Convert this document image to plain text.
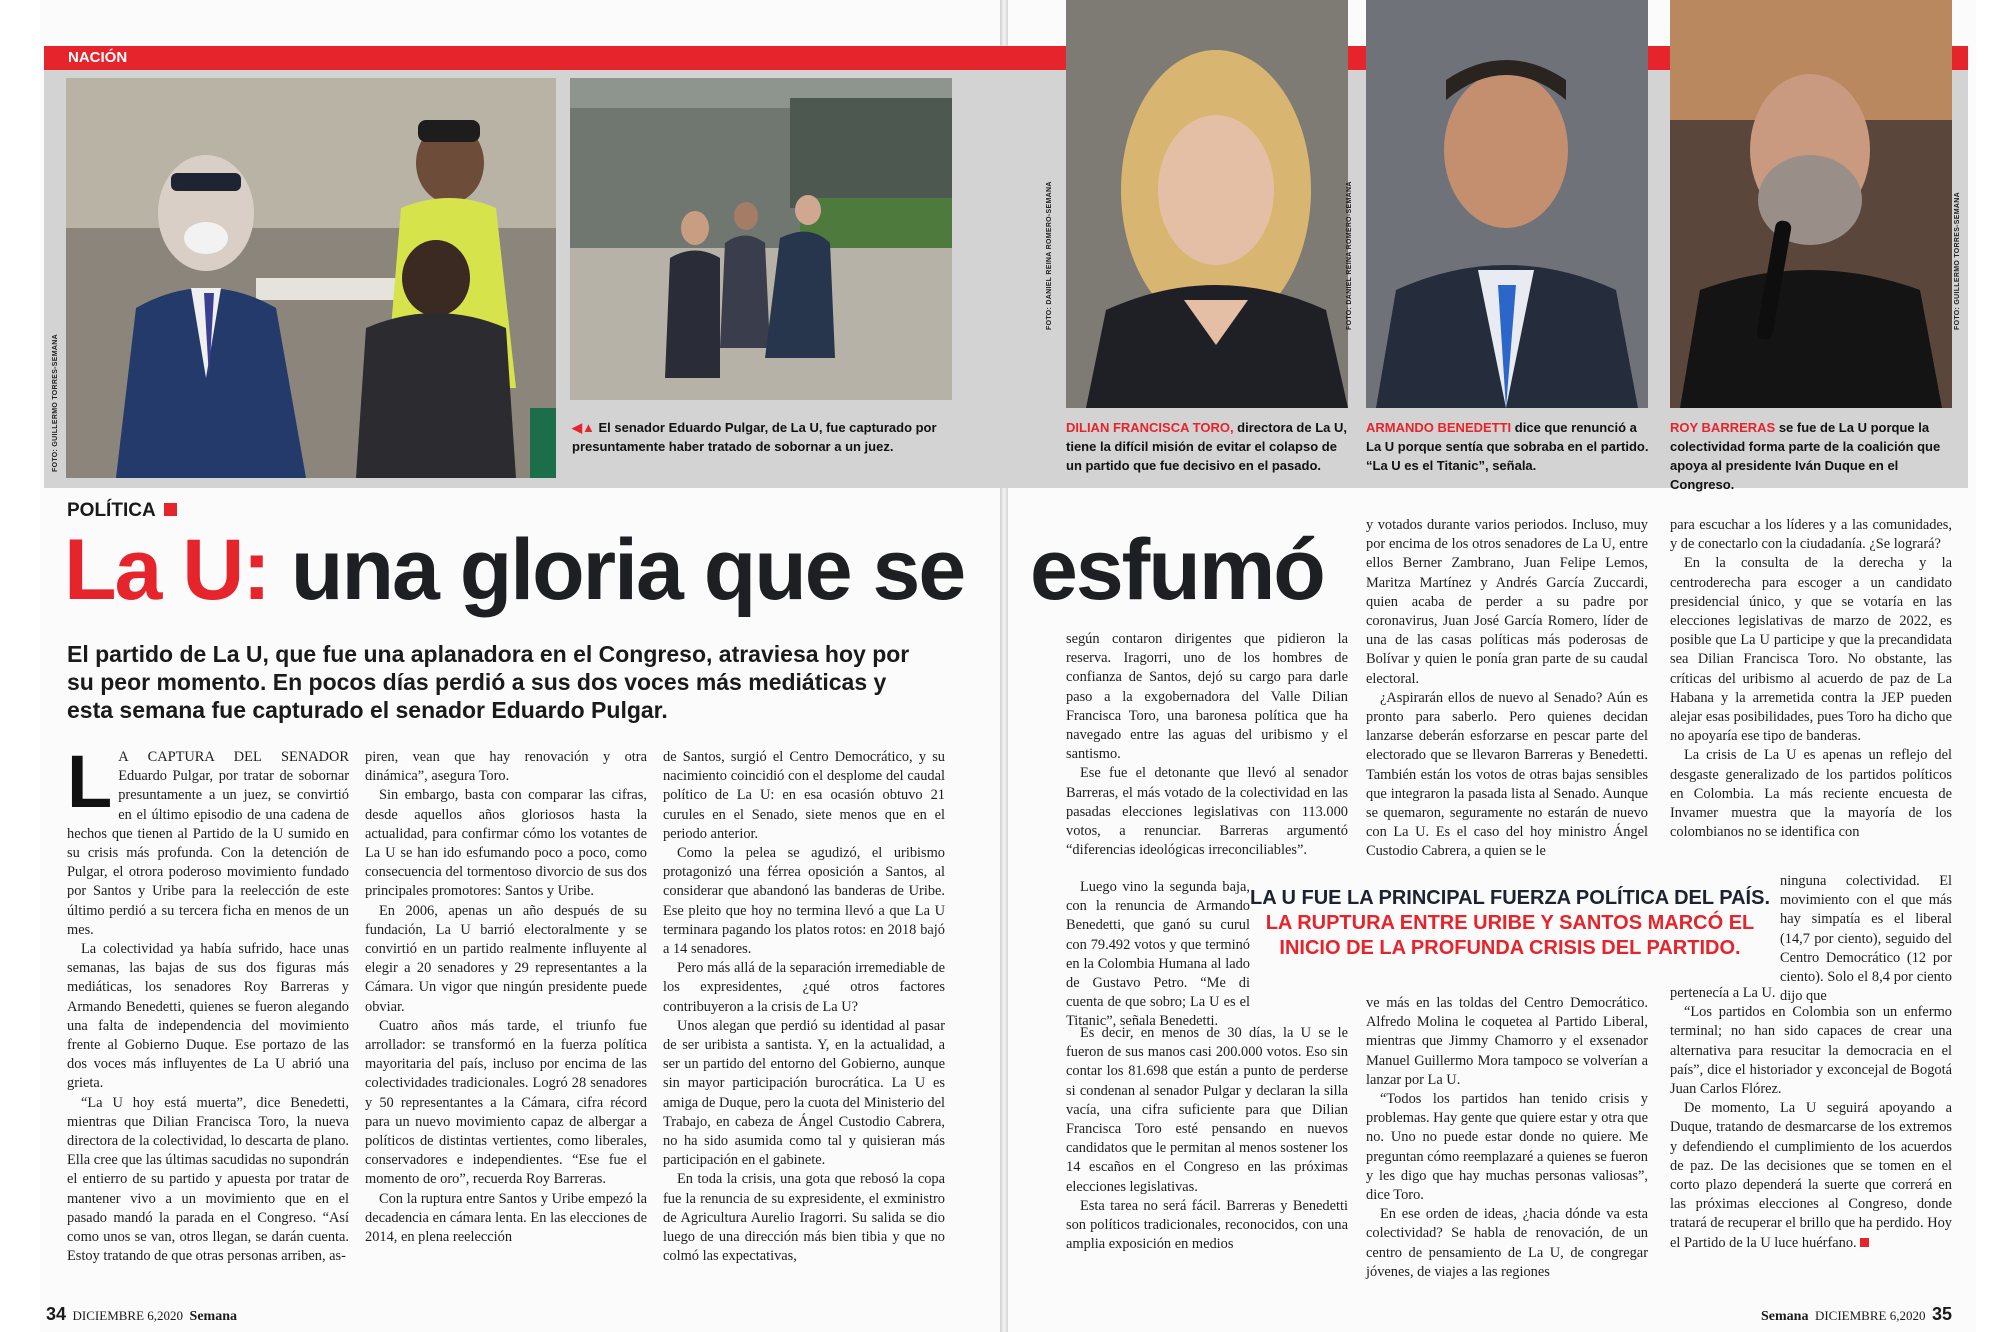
NACIÓN
FOTO: GUILLERMO TORRES-SEMANA	◀▲ El senador Eduardo Pulgar, de La U, fue capturado por presuntamente haber tratado de sobornar a un juez.
POLÍTICA
La U: una gloria que se
El partido de La U, que fue una aplanadora en el Congreso, atraviesa hoy por su peor momento. En pocos días perdió a sus dos voces más mediáticas y esta semana fue capturado el senador Eduardo Pulgar.
L A CAPTURA DEL SENADOR Eduardo Pulgar, por tratar de sobornar presuntamente a un juez, se convirtió en el último episodio de una cadena de hechos que tienen al Partido de la U sumido en su crisis más profunda. Con la detención de Pulgar, el otrora poderoso movimiento fundado por Santos y Uribe para la reelección de este último perdió a su tercera ficha en menos de un mes.

La colectividad ya había sufrido, hace unas semanas, las bajas de sus dos figuras más mediáticas, los senadores Roy Barreras y Armando Benedetti, quienes se fueron alegando una falta de independencia del movimiento frente al Gobierno Duque. Ese portazo de las dos voces más influyentes de La U abrió una grieta.

“La U hoy está muerta”, dice Benedetti, mientras que Dilian Francisca Toro, la nueva directora de la colectividad, lo descarta de plano. Ella cree que las últimas sacudidas no supondrán el entierro de su partido y apuesta por tratar de mantener vivo a un movimiento que en el pasado mandó la parada en el Congreso. “Así como unos se van, otros llegan, se darán cuenta. Estoy tratando de que otras personas arriben, as-

piren, vean que hay renovación y otra dinámica”, asegura Toro.

Sin embargo, basta con comparar las cifras, desde aquellos años gloriosos hasta la actualidad, para confirmar cómo los votantes de La U se han ido esfumando poco a poco, como consecuencia del tormentoso divorcio de sus dos principales promotores: Santos y Uribe.

En 2006, apenas un año después de su fundación, La U barrió electoralmente y se convirtió en un partido realmente influyente al elegir a 20 senadores y 29 representantes a la Cámara. Un vigor que ningún presidente puede obviar.

Cuatro años más tarde, el triunfo fue arrollador: se transformó en la fuerza política mayoritaria del país, incluso por encima de las colectividades tradicionales. Logró 28 senadores y 50 representantes a la Cámara, cifra récord para un nuevo movimiento capaz de albergar a políticos de distintas vertientes, como liberales, conservadores e independientes. “Ese fue el momento de oro”, recuerda Roy Barreras.

Con la ruptura entre Santos y Uribe empezó la decadencia en cámara lenta. En las elecciones de 2014, en plena reelección

de Santos, surgió el Centro Democrático, y su nacimiento coincidió con el desplome del caudal político de La U: en esa ocasión obtuvo 21 curules en el Senado, siete menos que en el periodo anterior.

Como la pelea se agudizó, el uribismo protagonizó una férrea oposición a Santos, al considerar que abandonó las banderas de Uribe. Ese pleito que hoy no termina llevó a que La U terminara pagando los platos rotos: en 2018 bajó a 14 senadores.

Pero más allá de la separación irremediable de los expresidentes, ¿qué otros factores contribuyeron a la crisis de La U?

Unos alegan que perdió su identidad al pasar de ser uribista a santista. Y, en la actualidad, a ser un partido del entorno del Gobierno, aunque sin mayor participación burocrática. La U es amiga de Duque, pero la cuota del Ministerio del Trabajo, en cabeza de Ángel Custodio Cabrera, no ha sido asumida como tal y quisieran más participación en el gabinete.

En toda la crisis, una gota que rebosó la copa fue la renuncia de su expresidente, el exministro de Agricultura Aurelio Iragorri. Su salida se dio luego de una dirección más bien tibia y que no colmó las expectativas,

34 DICIEMBRE 6,2020 Semana
FOTO: DANIEL REINA ROMERO-SEMANA
DILIAN FRANCISCA TORO, directora de La U, tiene la difícil misión de evitar el colapso de un partido que fue decisivo en el pasado.
FOTO: DANIEL REINA ROMERO-SEMANA
ARMANDO BENEDETTI dice que renunció a La U porque sentía que sobraba en el partido. “La U es el Titanic”, señala.
FOTO: GUILLERMO TORRES-SEMANA
ROY BARRERAS se fue de La U porque la colectividad forma parte de la coalición que apoya al presidente Iván Duque en el Congreso.
esfumó

según contaron dirigentes que pidieron la reserva. Iragorri, uno de los hombres de confianza de Santos, dejó su cargo para darle paso a la exgobernadora del Valle Dilian Francisca Toro, una baronesa política que ha navegado entre las aguas del uribismo y el santismo.

Ese fue el detonante que llevó al senador Barreras, el más votado de la colectividad en las pasadas elecciones legislativas con 113.000 votos, a renunciar. Barreras argumentó “diferencias ideológicas irreconciliables”.

Luego vino la segunda baja, con la renuncia de Armando Benedetti, que ganó su curul con 79.492 votos y que terminó en la Colombia Humana al lado de Gustavo Petro. “Me di cuenta de que sobro; La U es el Titanic”, señala Benedetti.

Es decir, en menos de 30 días, la U se le fueron de sus manos casi 200.000 votos. Eso sin contar los 81.698 que están a punto de perderse si condenan al senador Pulgar y declaran la silla vacía, una cifra suficiente para que Dilian Francisca Toro esté pensando en nuevos candidatos que le permitan al menos sostener los 14 escaños en el Congreso en las próximas elecciones legislativas.

Esta tarea no será fácil. Barreras y Benedetti son políticos tradicionales, reconocidos, con una amplia exposición en medios

y votados durante varios periodos. Incluso, muy por encima de los otros senadores de La U, entre ellos Berner Zambrano, Juan Felipe Lemos, Maritza Martínez y Andrés García Zuccardi, quien acaba de perder a su padre por coronavirus, Juan José García Romero, líder de una de las casas políticas más poderosas de Bolívar y quien le ponía gran parte de su caudal electoral.

¿Aspirarán ellos de nuevo al Senado? Aún es pronto para saberlo. Pero quienes decidan lanzarse deberán esforzarse en pescar parte del electorado que se llevaron Barreras y Benedetti. También están los votos de otras bajas sensibles que integraron la pasada lista al Senado. Aunque se quemaron, seguramente no estarán de nuevo con La U. Es el caso del hoy ministro Ángel Custodio Cabrera, a quien se le

ve más en las toldas del Centro Democrático. Alfredo Molina le coquetea al Partido Liberal, mientras que Jimmy Chamorro y el exsenador Manuel Guillermo Mora tampoco se volverían a lanzar por La U.

“Todos los partidos han tenido crisis y problemas. Hay gente que quiere estar y otra que no. Uno no puede estar donde no quiere. Me preguntan cómo reemplazaré a quienes se fueron y les digo que hay muchas personas valiosas”, dice Toro.

En ese orden de ideas, ¿hacia dónde va esta colectividad? Se habla de renovación, de un centro de pensamiento de La U, de congregar jóvenes, de viajes a las regiones

para escuchar a los líderes y a las comunidades, y de conectarlo con la ciudadanía. ¿Se logrará?

En la consulta de la derecha y la centroderecha para escoger a un candidato presidencial único, y que se votaría en las elecciones legislativas de marzo de 2022, es posible que La U participe y que la precandidata sea Dilian Francisca Toro. No obstante, las críticas del uribismo al acuerdo de paz de La Habana y la arremetida contra la JEP pueden alejar esas posibilidades, pues Toro ha dicho que no apoyaría ese tipo de banderas.

La crisis de La U es apenas un reflejo del desgaste generalizado de los partidos políticos en Colombia. La más reciente encuesta de Invamer muestra que la mayoría de los colombianos no se identifica con

ninguna colectividad. El movimiento con el que más hay simpatía es el liberal (14,7 por ciento), seguido del Centro Democrático (12 por ciento). Solo el 8,4 por ciento dijo que

pertenecía a La U.

“Los partidos en Colombia son un enfermo terminal; no han sido capaces de crear una alternativa para resucitar la democracia en el país”, dice el historiador y exconcejal de Bogotá Juan Carlos Flórez.

De momento, La U seguirá apoyando a Duque, tratando de desmarcarse de los extremos y defendiendo el cumplimiento de los acuerdos de paz. De las decisiones que se tomen en el corto plazo dependerá la suerte que correrá en las próximas elecciones al Congreso, donde tratará de recuperar el brillo que ha perdido. Hoy el Partido de la U luce huérfano.

LA U FUE LA PRINCIPAL FUERZA POLÍTICA DEL PAÍS.
LA RUPTURA ENTRE URIBE Y SANTOS MARCÓ EL
INICIO DE LA PROFUNDA CRISIS DEL PARTIDO.
Semana DICIEMBRE 6,2020 35
